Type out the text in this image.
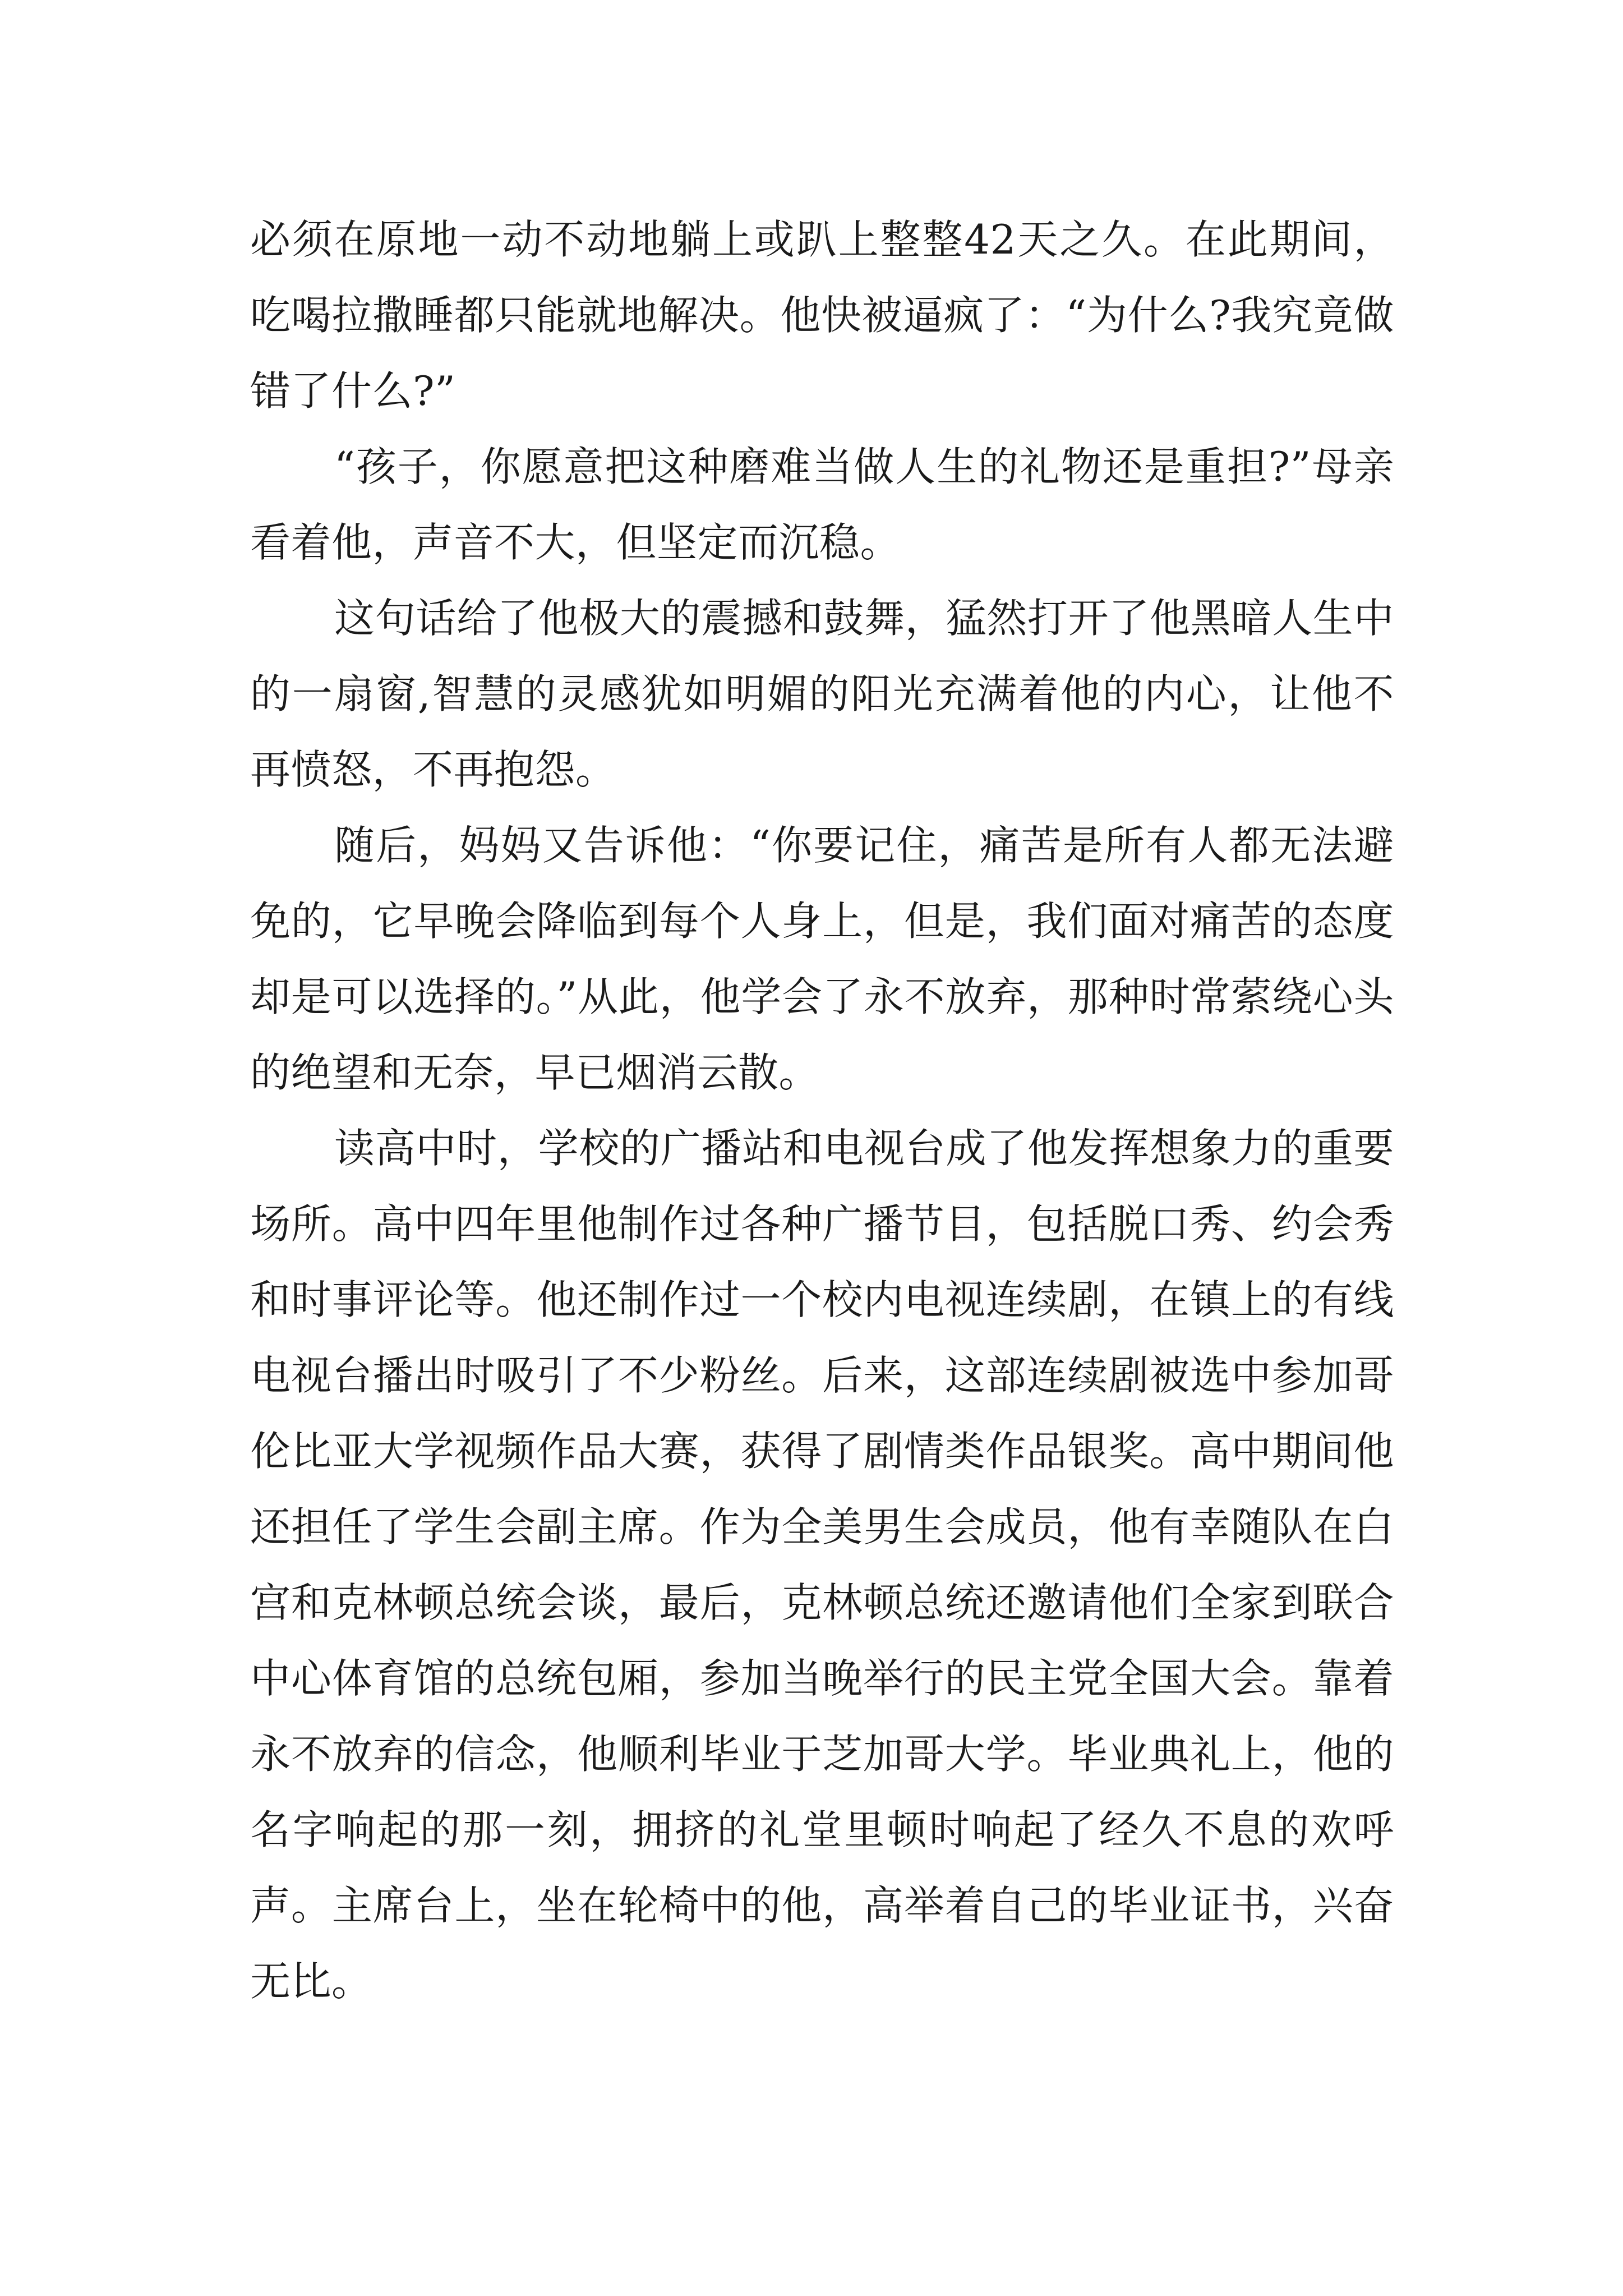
必须在原地一动不动地躺上或趴上整整42天之久。在此期间，吃喝拉撒睡都只能就地解决。他快被逼疯了：“为什么?我究竟做错了什么?”

“孩子，你愿意把这种磨难当做人生的礼物还是重担?”母亲看着他，声音不大，但坚定而沉稳。

这句话给了他极大的震撼和鼓舞，猛然打开了他黑暗人生中的一扇窗,智慧的灵感犹如明媚的阳光充满着他的内心，让他不再愤怒，不再抱怨。

随后，妈妈又告诉他：“你要记住，痛苦是所有人都无法避免的，它早晚会降临到每个人身上，但是，我们面对痛苦的态度却是可以选择的。”从此，他学会了永不放弃，那种时常萦绕心头的绝望和无奈，早已烟消云散。

读高中时，学校的广播站和电视台成了他发挥想象力的重要场所。高中四年里他制作过各种广播节目，包括脱口秀、约会秀和时事评论等。他还制作过一个校内电视连续剧，在镇上的有线电视台播出时吸引了不少粉丝。后来，这部连续剧被选中参加哥伦比亚大学视频作品大赛，获得了剧情类作品银奖。高中期间他还担任了学生会副主席。作为全美男生会成员，他有幸随队在白宫和克林顿总统会谈，最后，克林顿总统还邀请他们全家到联合中心体育馆的总统包厢，参加当晚举行的民主党全国大会。靠着永不放弃的信念，他顺利毕业于芝加哥大学。毕业典礼上，他的名字响起的那一刻，拥挤的礼堂里顿时响起了经久不息的欢呼声。主席台上，坐在轮椅中的他，高举着自己的毕业证书，兴奋无比。
